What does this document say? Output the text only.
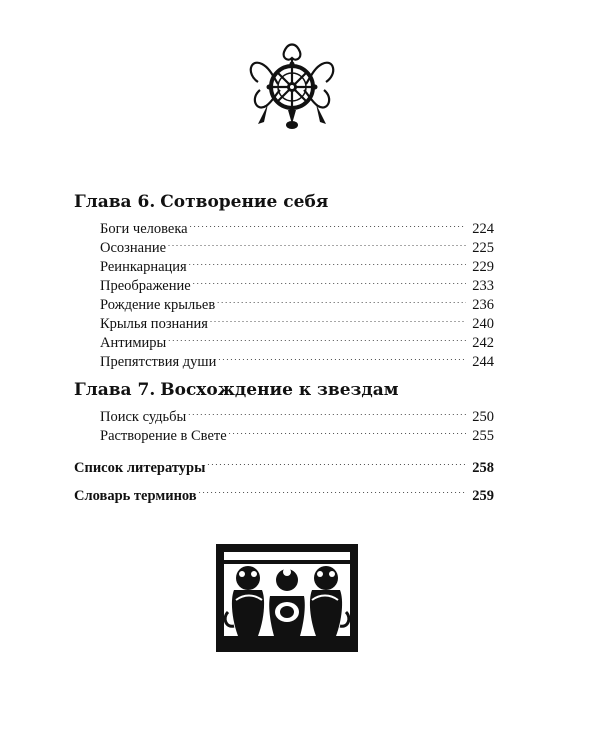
Глава 6. Сотворение себя
Боги человека . . .	224
Осознание . . .	225
Реинкарнация . . .	229
Преображение . . .	233
Рождение крыльев . . .	236
Крылья познания . . .	240
Антимиры . . .	242
Препятствия души . . .	244
Глава 7. Восхождение к звездам
Поиск судьбы . . .	250
Растворение в Свете . . .	255
Список литературы . . .	258
Словарь терминов . . .	259
